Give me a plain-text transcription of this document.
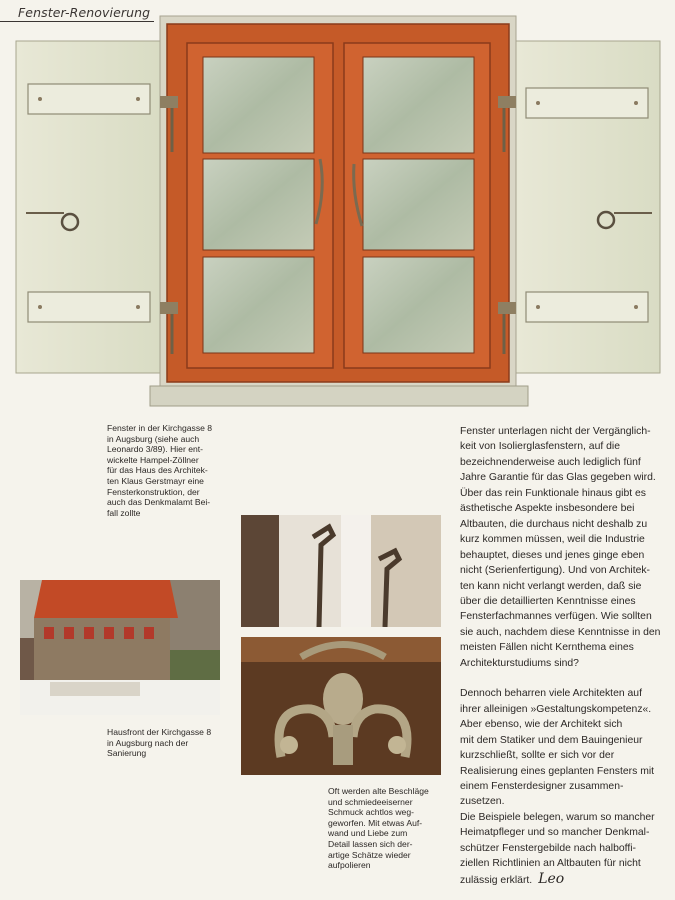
Fenster-Renovierung
Fenster in der Kirchgasse 8
in Augsburg (siehe auch
Leonardo 3/89). Hier ent-
wickelte Hampel-Zöllner
für das Haus des Architek-
ten Klaus Gerstmayr eine
Fensterkonstruktion, der
auch das Denkmalamt Bei-
fall zollte
Hausfront der Kirchgasse 8
in Augsburg nach der
Sanierung
Oft werden alte Beschläge
und schmiedeeiserner
Schmuck achtlos weg-
geworfen. Mit etwas Auf-
wand und Liebe zum
Detail lassen sich der-
artige Schätze wieder
aufpolieren

Fenster unterlagen nicht der Vergänglich-

keit von Isolierglasfenstern, auf die

bezeichnenderweise auch lediglich fünf

Jahre Garantie für das Glas gegeben wird.

Über das rein Funktionale hinaus gibt es

ästhetische Aspekte insbesondere bei

Altbauten, die durchaus nicht deshalb zu

kurz kommen müssen, weil die Industrie

behauptet, dieses und jenes ginge eben

nicht (Serienfertigung). Und von Architek-

ten kann nicht verlangt werden, daß sie

über die detaillierten Kenntnisse eines

Fensterfachmannes verfügen. Wie sollten

sie auch, nachdem diese Kenntnisse in den

meisten Fällen nicht Kernthema eines

Architekturstudiums sind?

Dennoch beharren viele Architekten auf

ihrer alleinigen »Gestaltungskompetenz«.

Aber ebenso, wie der Architekt sich

mit dem Statiker und dem Bauingenieur

kurzschließt, sollte er sich vor der

Realisierung eines geplanten Fensters mit

einem Fensterdesigner zusammen-

zusetzen.

Die Beispiele belegen, warum so mancher

Heimatpfleger und so mancher Denkmal-

schützer Fenstergebilde nach halboffi-

ziellen Richtlinien an Altbauten für nicht

zulässig erklärt. Leo
